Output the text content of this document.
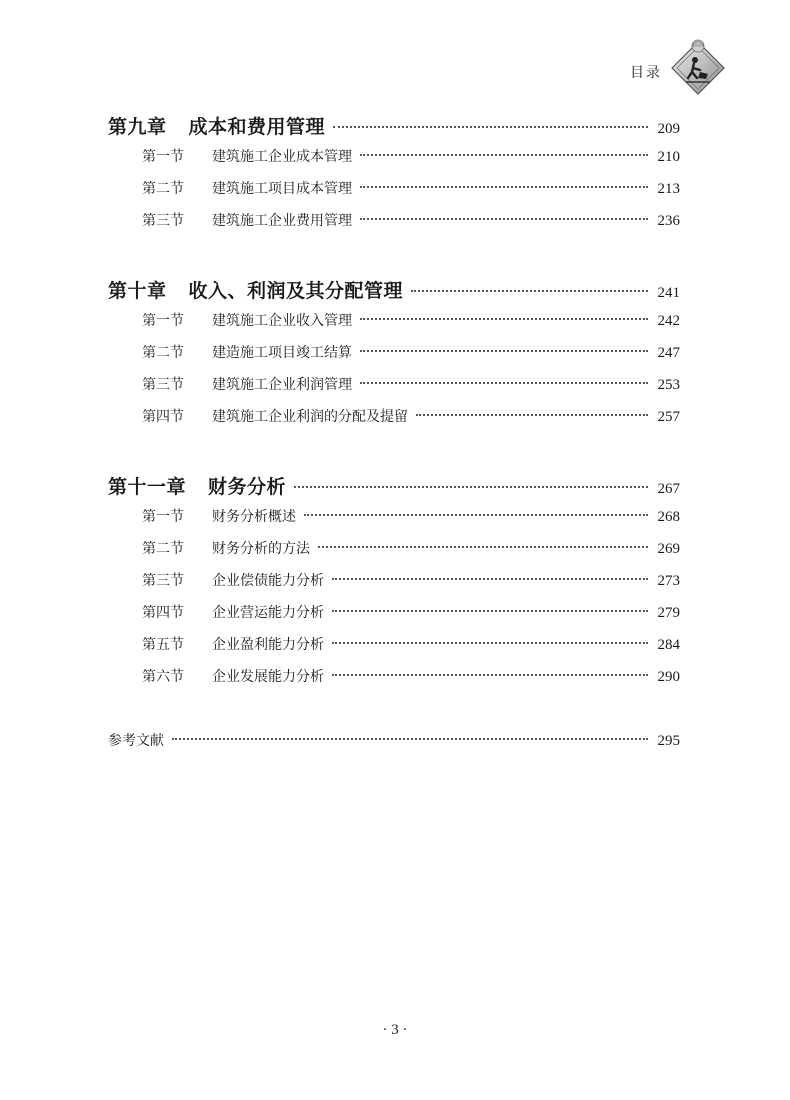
目录
第九章 成本和费用管理	209
第一节 建筑施工企业成本管理	210
第二节 建筑施工项目成本管理	213
第三节 建筑施工企业费用管理	236
第十章 收入、利润及其分配管理	241
第一节 建筑施工企业收入管理	242
第二节 建造施工项目竣工结算	247
第三节 建筑施工企业利润管理	253
第四节 建筑施工企业利润的分配及提留	257
第十一章 财务分析	267
第一节 财务分析概述	268
第二节 财务分析的方法	269
第三节 企业偿债能力分析	273
第四节 企业营运能力分析	279
第五节 企业盈利能力分析	284
第六节 企业发展能力分析	290
参考文献	295
· 3 ·
